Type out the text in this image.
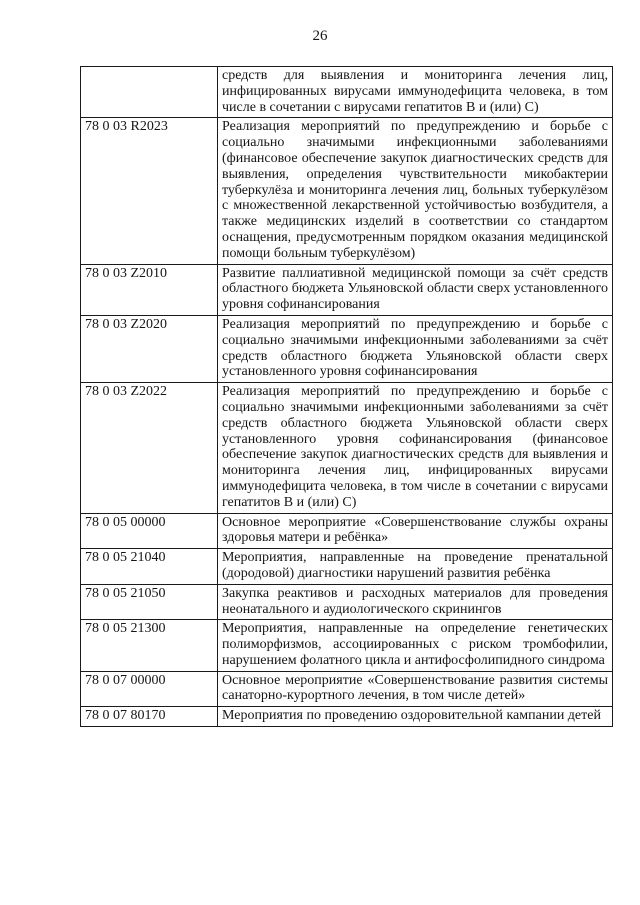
26
	средств для выявления и мониторинга лечения лиц, инфицированных вирусами иммунодефицита человека, в том числе в сочетании с вирусами гепатитов В и (или) С)
78 0 03 R2023	Реализация мероприятий по предупреждению и борьбе с социально значимыми инфекционными заболеваниями (финансовое обеспечение закупок диагностических средств для выявления, определения чувствительности микобактерии туберкулёза и мониторинга лечения лиц, больных туберкулёзом с множественной лекарственной устойчивостью возбудителя, а также медицинских изделий в соответствии со стандартом оснащения, предусмотренным порядком оказания медицинской помощи больным туберкулёзом)
78 0 03 Z2010	Развитие паллиативной медицинской помощи за счёт средств областного бюджета Ульяновской области сверх установленного уровня софинансирования
78 0 03 Z2020	Реализация мероприятий по предупреждению и борьбе с социально значимыми инфекционными заболеваниями за счёт средств областного бюджета Ульяновской области сверх установленного уровня софинансирования
78 0 03 Z2022	Реализация мероприятий по предупреждению и борьбе с социально значимыми инфекционными заболеваниями за счёт средств областного бюджета Ульяновской области сверх установленного уровня софинансирования (финансовое обеспечение закупок диагностических средств для выявления и мониторинга лечения лиц, инфицированных вирусами иммунодефицита человека, в том числе в сочетании с вирусами гепатитов В и (или) С)
78 0 05 00000	Основное мероприятие «Совершенствование службы охраны здоровья матери и ребёнка»
78 0 05 21040	Мероприятия, направленные на проведение пренатальной (дородовой) диагностики нарушений развития ребёнка
78 0 05 21050	Закупка реактивов и расходных материалов для проведения неонатального и аудиологического скринингов
78 0 05 21300	Мероприятия, направленные на определение генетических полиморфизмов, ассоциированных с риском тромбофилии, нарушением фолатного цикла и антифосфолипидного синдрома
78 0 07 00000	Основное мероприятие «Совершенствование развития системы санаторно-курортного лечения, в том числе детей»
78 0 07 80170	Мероприятия по проведению оздоровительной кампании детей
